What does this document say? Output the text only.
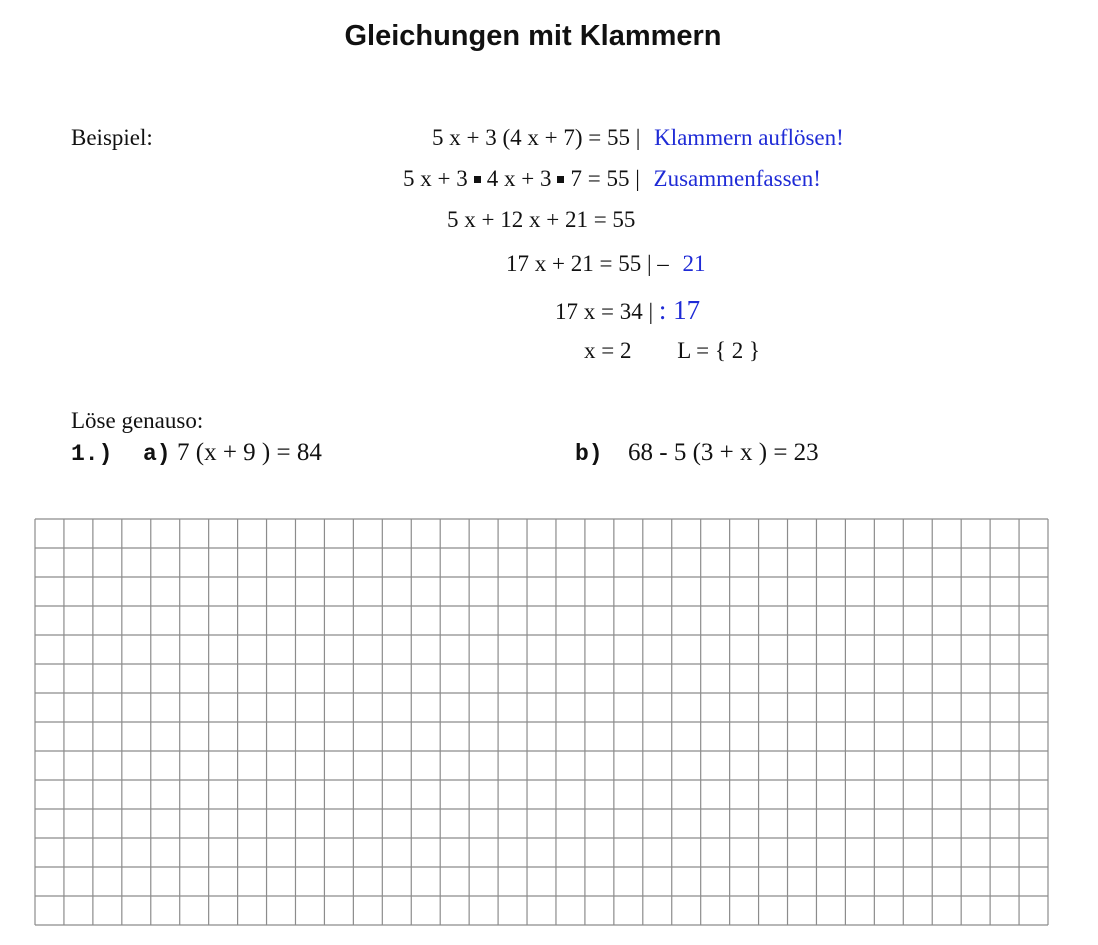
Gleichungen mit Klammern
Beispiel:	5 x + 3 (4 x + 7) = 55 | Klammern auflösen!
5 x + 3 4 x + 3 7 = 55 | Zusammenfassen!
5 x + 12 x + 21 = 55
17 x + 21 = 55 | – 21
17 x = 34 | : 17
x = 2 L = { 2 }
Löse genauso:
1.) a) 7 (x + 9 ) = 84	b) 68 - 5 (3 + x ) = 23
